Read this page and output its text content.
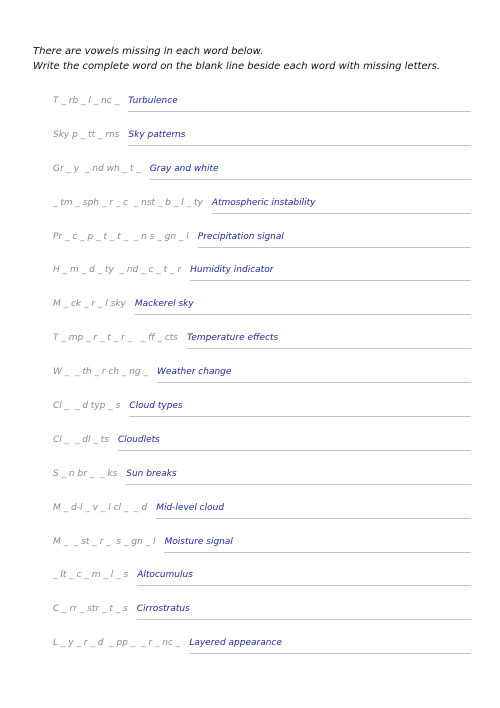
There are vowels missing in each word below.
Write the complete word on the blank line beside each word with missing letters.
T _ rb _ l _ nc _ Turbulence
Sky p _ tt _ rns Sky patterns
Gr _ y  _ nd wh _ t _ Gray and white
_ tm _ sph _ r _ c  _ nst _ b _ l _ ty Atmospheric instability
Pr _ c _ p _ t _ t _  _ n s _ gn _ l Precipitation signal
H _ m _ d _ ty  _ nd _ c _ t _ r Humidity indicator
M _ ck _ r _ l sky Mackerel sky
T _ mp _ r _ t _ r _   _ ff _ cts Temperature effects
W _  _ th _ r ch _ ng _ Weather change
Cl _  _ d typ _ s Cloud types
Cl _  _ dl _ ts Cloudlets
S _ n br _  _ ks Sun breaks
M _ d-l _ v _ l cl _  _ d Mid-level cloud
M _  _ st _ r _  s _ gn _ l Moisture signal
_ lt _ c _ m _ l _ s Altocumulus
C _ rr _ str _ t _ s Cirrostratus
L _ y _ r _ d  _ pp _  _ r _ nc _ Layered appearance
